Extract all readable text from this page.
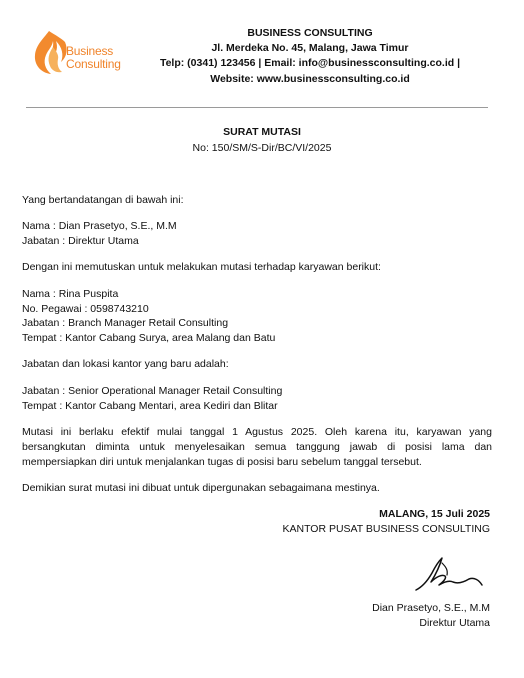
Business
Consulting
BUSINESS CONSULTING
Jl. Merdeka No. 45, Malang, Jawa Timur
Telp: (0341) 123456 | Email: info@businessconsulting.co.id |
Website: www.businessconsulting.co.id
SURAT MUTASI
No: 150/SM/S-Dir/BC/VI/2025

Yang bertandatangan di bawah ini:

Nama : Dian Prasetyo, S.E., M.M
Jabatan : Direktur Utama

Dengan ini memutuskan untuk melakukan mutasi terhadap karyawan berikut:

Nama : Rina Puspita
No. Pegawai : 0598743210
Jabatan : Branch Manager Retail Consulting
Tempat : Kantor Cabang Surya, area Malang dan Batu

Jabatan dan lokasi kantor yang baru adalah:

Jabatan : Senior Operational Manager Retail Consulting
Tempat : Kantor Cabang Mentari, area Kediri dan Blitar

Mutasi ini berlaku efektif mulai tanggal 1 Agustus 2025. Oleh karena itu, karyawan yang bersangkutan diminta untuk menyelesaikan semua tanggung jawab di posisi lama dan mempersiapkan diri untuk menjalankan tugas di posisi baru sebelum tanggal tersebut.

Demikian surat mutasi ini dibuat untuk dipergunakan sebagaimana mestinya.

MALANG, 15 Juli 2025
KANTOR PUSAT BUSINESS CONSULTING
Dian Prasetyo, S.E., M.M
Direktur Utama
